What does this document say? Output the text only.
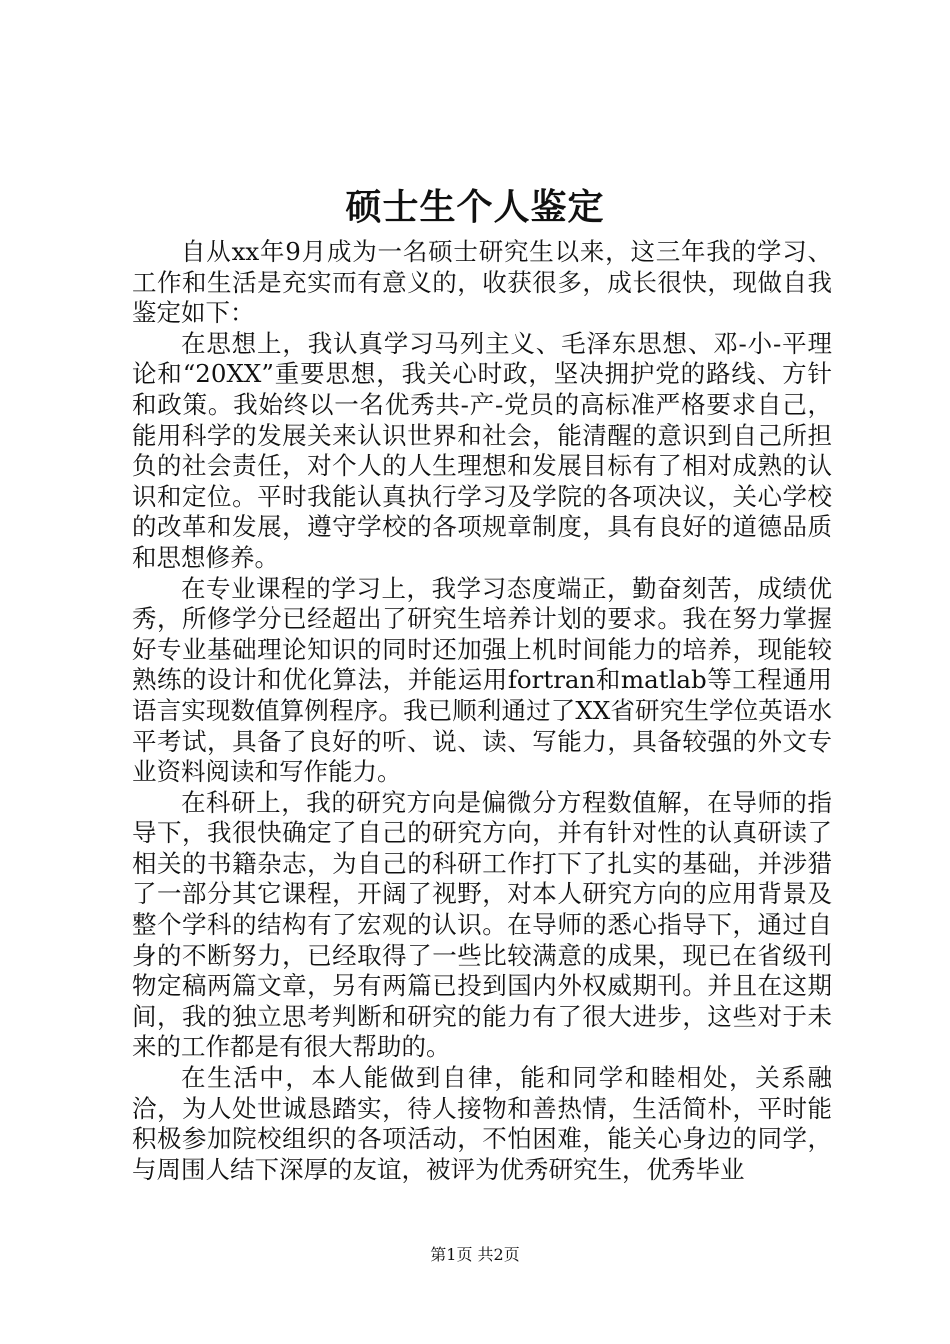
硕士生个人鉴定

自从xx年9月成为一名硕士研究生以来，这三年我的学习、工作和生活是充实而有意义的，收获很多，成长很快，现做自我鉴定如下：

在思想上，我认真学习马列主义、毛泽东思想、邓-小-平理论和“20XX”重要思想，我关心时政，坚决拥护党的路线、方针和政策。我始终以一名优秀共-产-党员的高标准严格要求自己，能用科学的发展关来认识世界和社会，能清醒的意识到自己所担负的社会责任，对个人的人生理想和发展目标有了相对成熟的认识和定位。平时我能认真执行学习及学院的各项决议，关心学校的改革和发展，遵守学校的各项规章制度，具有良好的道德品质和思想修养。

在专业课程的学习上，我学习态度端正，勤奋刻苦，成绩优秀，所修学分已经超出了研究生培养计划的要求。我在努力掌握好专业基础理论知识的同时还加强上机时间能力的培养，现能较熟练的设计和优化算法，并能运用fortran和matlab等工程通用语言实现数值算例程序。我已顺利通过了XX省研究生学位英语水平考试，具备了良好的听、说、读、写能力，具备较强的外文专业资料阅读和写作能力。

在科研上，我的研究方向是偏微分方程数值解，在导师的指导下，我很快确定了自己的研究方向，并有针对性的认真研读了相关的书籍杂志，为自己的科研工作打下了扎实的基础，并涉猎了一部分其它课程，开阔了视野，对本人研究方向的应用背景及整个学科的结构有了宏观的认识。在导师的悉心指导下，通过自身的不断努力，已经取得了一些比较满意的成果，现已在省级刊物定稿两篇文章，另有两篇已投到国内外权威期刊。并且在这期间，我的独立思考判断和研究的能力有了很大进步，这些对于未来的工作都是有很大帮助的。

在生活中，本人能做到自律，能和同学和睦相处，关系融洽，为人处世诚恳踏实，待人接物和善热情，生活简朴，平时能积极参加院校组织的各项活动，不怕困难，能关心身边的同学，与周围人结下深厚的友谊，被评为优秀研究生，优秀毕业

第1页 共2页
